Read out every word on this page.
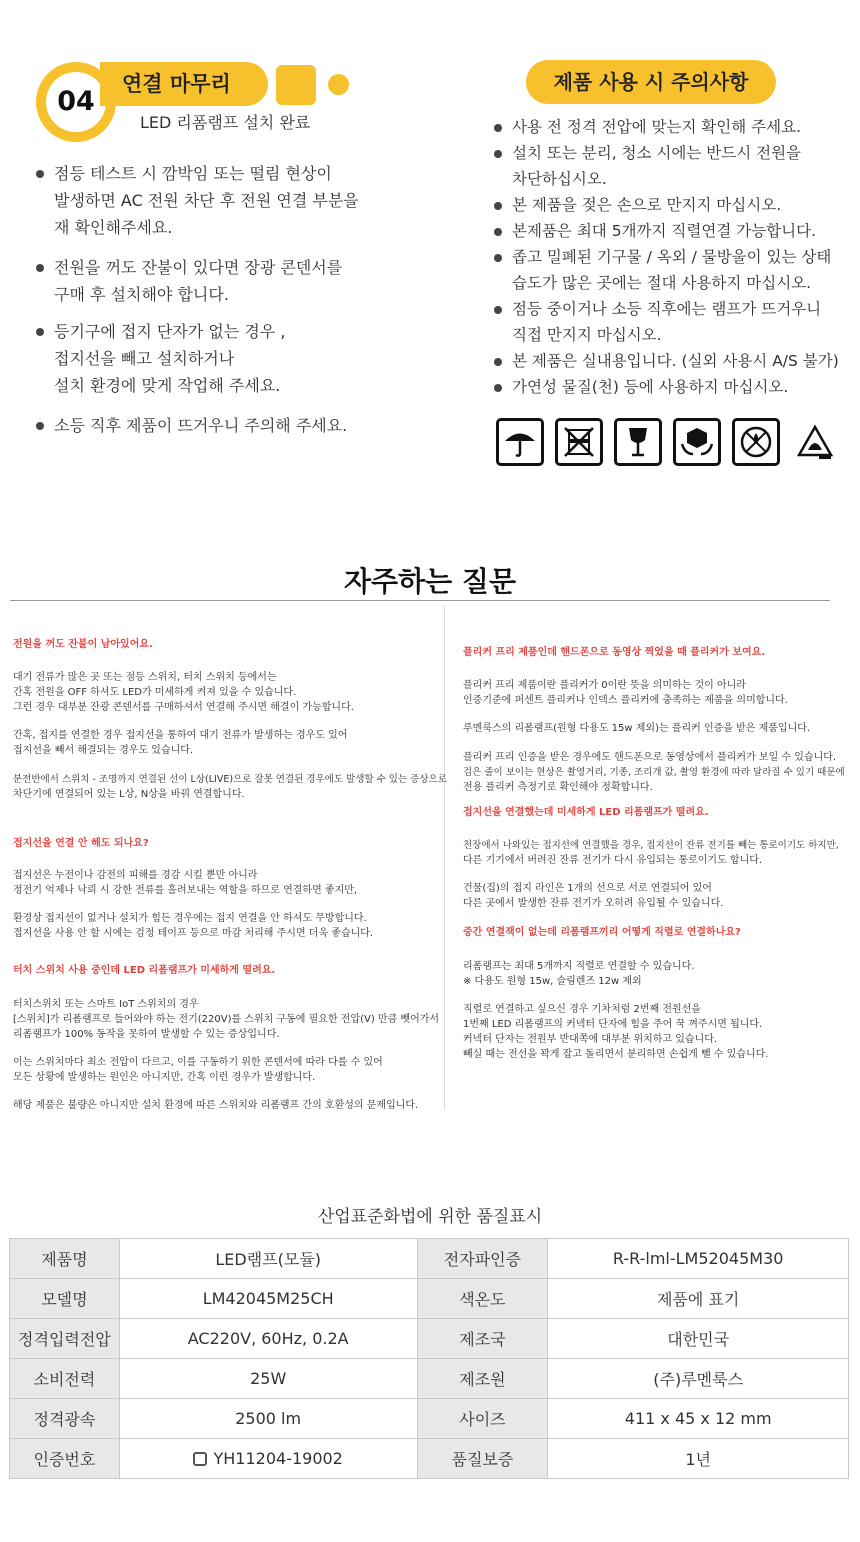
04
연결 마무리
LED 리폼램프 설치 완료
점등 테스트 시 깜박임 또는 떨림 현상이
발생하면 AC 전원 차단 후 전원 연결 부분을
재 확인해주세요.
전원을 꺼도 잔불이 있다면 장광 콘덴서를
구매 후 설치해야 합니다.
등기구에 접지 단자가 없는 경우 ,
접지선을 빼고 설치하거나
설치 환경에 맞게 작업해 주세요.
소등 직후 제품이 뜨거우니 주의해 주세요.
제품 사용 시 주의사항
사용 전 정격 전압에 맞는지 확인해 주세요.
설치 또는 분리, 청소 시에는 반드시 전원을
차단하십시오.
본 제품을 젖은 손으로 만지지 마십시오.
본제품은 최대 5개까지 직렬연결 가능합니다.
좁고 밀폐된 기구물 / 옥외 / 물방울이 있는 상태
습도가 많은 곳에는 절대 사용하지 마십시오.
점등 중이거나 소등 직후에는 램프가 뜨거우니
직접 만지지 마십시오.
본 제품은 실내용입니다. (실외 사용시 A/S 불가)
가연성 물질(천) 등에 사용하지 마십시오.
자주하는 질문

전원을 꺼도 잔불이 남아있어요.

대기 전류가 많은 곳 또는 점등 스위치, 터치 스위치 등에서는

간혹 전원을 OFF 하셔도 LED가 미세하게 켜져 있을 수 있습니다.

그런 경우 대부분 잔광 콘덴서를 구매하셔서 연결해 주시면 해결이 가능합니다.

간혹, 접지를 연결한 경우 접지선을 통하여 대기 전류가 발생하는 경우도 있어

접지선을 빼서 해결되는 경우도 있습니다.

분전반에서 스위치 - 조명까지 연결된 선이 L상(LIVE)으로 잘못 연결된 경우에도 발생할 수 있는 증상으로

차단기에 연결되어 있는 L상, N상을 바꿔 연결합니다.

접지선을 연결 안 해도 되나요?

접지선은 누전이나 감전의 피해를 경감 시킬 뿐만 아니라

정전기 억제나 낙뢰 시 강한 전류를 흘려보내는 역할을 하므로 연결하면 좋지만,

환경상 접지선이 없거나 설치가 힘든 경우에는 접지 연결을 안 하셔도 무방합니다.

접지선을 사용 안 할 시에는 검정 테이프 등으로 마감 처리해 주시면 더욱 좋습니다.

터치 스위치 사용 중인데 LED 리폼램프가 미세하게 떨려요.

터치스위치 또는 스마트 IoT 스위치의 경우

[스위치]가 리폼램프로 들어와야 하는 전기(220V)를 스위치 구동에 필요한 전압(V) 만큼 뺏어가서

리폼램프가 100% 동작을 못하여 발생할 수 있는 증상입니다.

이는 스위치마다 최소 전압이 다르고, 이를 구동하기 위한 콘덴서에 따라 다를 수 있어

모든 상황에 발생하는 원인은 아니지만, 간혹 이런 경우가 발생합니다.

해당 제품은 불량은 아니지만 설치 환경에 따른 스위치와 리폼램프 간의 호환성의 문제입니다.

플리커 프리 제품인데 핸드폰으로 동영상 찍었을 때 플리커가 보여요.

플리커 프리 제품이란 플리커가 0이란 뜻을 의미하는 것이 아니라

인증기준에 퍼센트 플리커나 인덱스 플리커에 충족하는 제품을 의미합니다.

루멘룩스의 리폼램프(원형 다용도 15w 제외)는 플리커 인증을 받은 제품입니다.

플리커 프리 인증을 받은 경우에도 핸드폰으로 동영상에서 플리커가 보일 수 있습니다.

검은 줄이 보이는 현상은 촬영거리, 기종, 조리개 값, 촬영 환경에 따라 달라질 수 있기 때문에

전용 플리커 측정기로 확인해야 정확합니다.

접지선을 연결했는데 미세하게 LED 리폼램프가 떨려요.

천장에서 나와있는 접지선에 연결했을 경우, 접지선이 잔류 전기를 빼는 통로이기도 하지만,

다른 기기에서 버려진 잔류 전기가 다시 유입되는 통로이기도 합니다.

건물(집)의 접지 라인은 1개의 선으로 서로 연결되어 있어

다른 곳에서 발생한 잔류 전기가 오히려 유입될 수 있습니다.

중간 연결잭이 없는데 리폼램프끼리 어떻게 직렬로 연결하나요?

리폼램프는 최대 5개까지 직렬로 연결할 수 있습니다.

※ 다용도 원형 15w, 슬림렌즈 12w 제외

직렬로 연결하고 싶으신 경우 기차처럼 2번째 전원선을

1번째 LED 리폼램프의 커넥터 단자에 힘을 주어 꾹 껴주시면 됩니다.

커넥터 단자는 전원부 반대쪽에 대부분 위치하고 있습니다.

빼실 때는 전선을 꽉게 잡고 돌리면서 분리하면 손쉽게 뺄 수 있습니다.

산업표준화법에 위한 품질표시
제품명	LED램프(모듈)	전자파인증	R-R-lml-LM52045M30
모델명	LM42045M25CH	색온도	제품에 표기
정격입력전압	AC220V, 60Hz, 0.2A	제조국	대한민국
소비전력	25W	제조원	(주)루멘룩스
정격광속	2500 lm	사이즈	411 x 45 x 12 mm
인증번호	YH11204-19002	품질보증	1년
